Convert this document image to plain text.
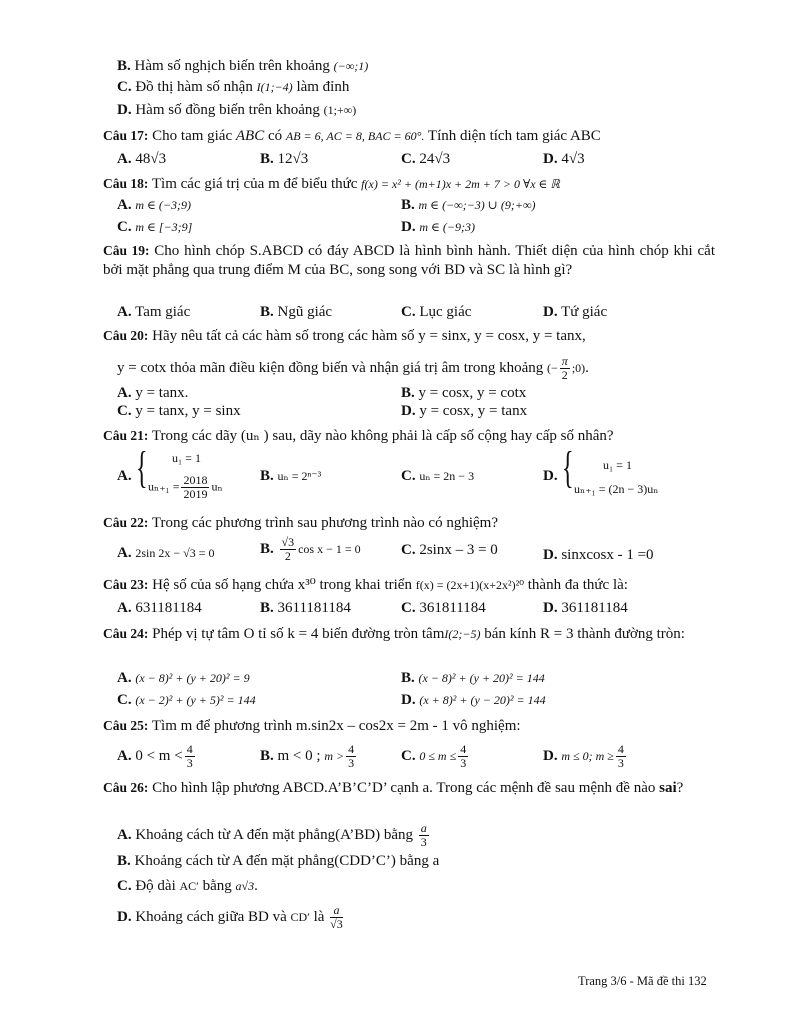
B. Hàm số nghịch biến trên khoảng (−∞;1)
C. Đồ thị hàm số nhận I(1;−4) làm đỉnh
D. Hàm số đồng biến trên khoảng (1;+∞)
Câu 17: Cho tam giác ABC có AB = 6, AC = 8, BAC = 60°. Tính diện tích tam giác ABC
A. 48√3	B. 12√3	C. 24√3	D. 4√3
Câu 18: Tìm các giá trị của m để biểu thức f(x) = x² + (m+1)x + 2m + 7 > 0 ∀x ∈ ℝ
A. m ∈ (−3;9)	B. m ∈ (−∞;−3) ∪ (9;+∞)
C. m ∈ [−3;9]	D. m ∈ (−9;3)
Câu 19: Cho hình chóp S.ABCD có đáy ABCD là hình bình hành. Thiết diện của hình chóp khi cắt bởi mặt phẳng qua trung điểm M của BC, song song với BD và SC là hình gì?
A. Tam giác	B. Ngũ giác	C. Lục giác	D. Tứ giác
Câu 20: Hãy nêu tất cả các hàm số trong các hàm số y = sinx, y = cosx, y = tanx,
y = cotx thỏa mãn điều kiện đồng biến và nhận giá trị âm trong khoảng (− $\frac{\pi}{2}$ ;0).
A. y = tanx.	B. y = cosx, y = cotx
C. y = tanx, y = sinx	D. y = cosx, y = tanx
Câu 21: Trong các dãy (uₙ ) sau, dãy nào không phải là cấp số cộng hay cấp số nhân?
A. { u₁ = 1
$u_{n+1} = \frac{2018}{2019}$ uₙ
B. uₙ = 2ⁿ⁻³	C. uₙ = 2n − 3	D. { u₁ = 1
uₙ₊₁ = (2n − 3)uₙ
Câu 22: Trong các phương trình sau phương trình nào có nghiệm?
A. 2sin 2x − √3 = 0	B. $\frac{√3}{2}$ cos x − 1 = 0	C. 2sinx – 3 = 0	D. sinxcosx - 1 =0
Câu 23: Hệ số của số hạng chứa x³⁰ trong khai triển f(x) = (2x+1)(x+2x²)²⁰ thành đa thức là:
A. 631181184	B. 3611181184	C. 361811184	D. 361181184
Câu 24: Phép vị tự tâm O tỉ số k = 4 biến đường tròn tâmI(2;−5) bán kính R = 3 thành đường tròn:
A. (x − 8)² + (y + 20)² = 9	B. (x − 8)² + (y + 20)² = 144
C. (x − 2)² + (y + 5)² = 144	D. (x + 8)² + (y − 20)² = 144
Câu 25: Tìm m để phương trình m.sin2x – cos2x = 2m - 1 vô nghiệm:
A. $0 < m < \frac{4}{3}$	B. m < 0 ; $m > \frac{4}{3}$	C. $0 \le m \le \frac{4}{3}$	D. m ≤ 0; $m \ge \frac{4}{3}$
Câu 26: Cho hình lập phương ABCD.A’B’C’D’ cạnh a. Trong các mệnh đề sau mệnh đề nào sai?
A. Khoảng cách từ A đến mặt phẳng(A’BD) bằng $\frac{a}{3}$
B. Khoảng cách từ A đến mặt phẳng(CDD’C’) bằng a
C. Độ dài AC′ bằng a√3.
D. Khoảng cách giữa BD và CD′ là $\frac{a}{√3}$
Trang 3/6 - Mã đề thi 132
